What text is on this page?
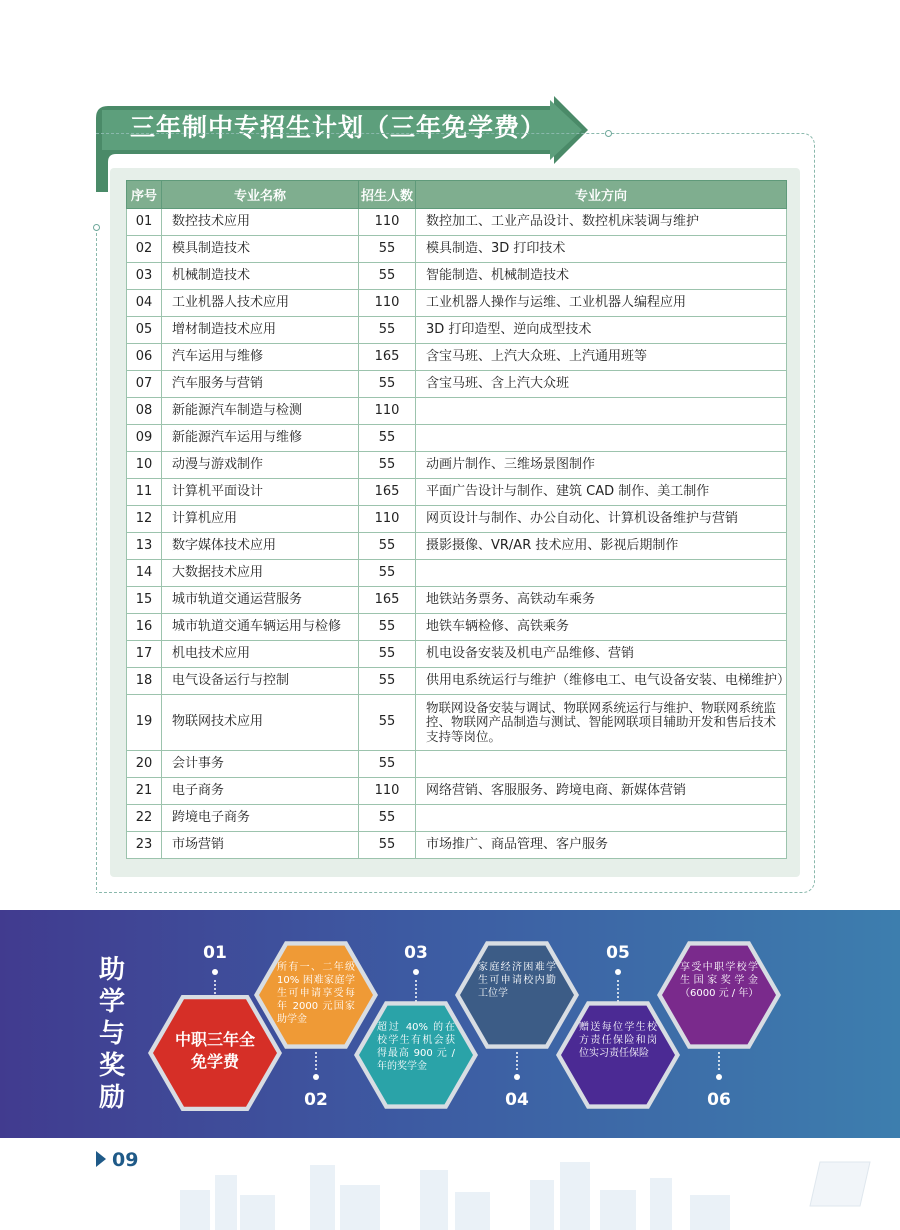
三年制中专招生计划（三年免学费）
序号	专业名称	招生人数	专业方向
01	数控技术应用	110	数控加工、工业产品设计、数控机床装调与维护
02	模具制造技术	55	模具制造、3D 打印技术
03	机械制造技术	55	智能制造、机械制造技术
04	工业机器人技术应用	110	工业机器人操作与运维、工业机器人编程应用
05	增材制造技术应用	55	3D 打印造型、逆向成型技术
06	汽车运用与维修	165	含宝马班、上汽大众班、上汽通用班等
07	汽车服务与营销	55	含宝马班、含上汽大众班
08	新能源汽车制造与检测	110	
09	新能源汽车运用与维修	55	
10	动漫与游戏制作	55	动画片制作、三维场景图制作
11	计算机平面设计	165	平面广告设计与制作、建筑 CAD 制作、美工制作
12	计算机应用	110	网页设计与制作、办公自动化、计算机设备维护与营销
13	数字媒体技术应用	55	摄影摄像、VR/AR 技术应用、影视后期制作
14	大数据技术应用	55	
15	城市轨道交通运营服务	165	地铁站务票务、高铁动车乘务
16	城市轨道交通车辆运用与检修	55	地铁车辆检修、高铁乘务
17	机电技术应用	55	机电设备安装及机电产品维修、营销
18	电气设备运行与控制	55	供用电系统运行与维护（维修电工、电气设备安装、电梯维护）
19	物联网技术应用	55	物联网设备安装与调试、物联网系统运行与维护、物联网系统监控、物联网产品制造与测试、智能网联项目辅助开发和售后技术支持等岗位。
20	会计事务	55	
21	电子商务	110	网络营销、客服服务、跨境电商、新媒体营销
22	跨境电子商务	55	
23	市场营销	55	市场推广、商品管理、客户服务
助学与奖励
01
02
03
04
05
06
中职三年全免学费
所有一、二年级 10% 困难家庭学生可申请享受每年 2000 元国家助学金
超过 40% 的在校学生有机会获得最高 900 元 / 年的奖学金
家庭经济困难学生可申请校内勤工位学
赠送每位学生校方责任保险和岗位实习责任保险
享受中职学校学生国家奖学金（6000 元 / 年）
09
